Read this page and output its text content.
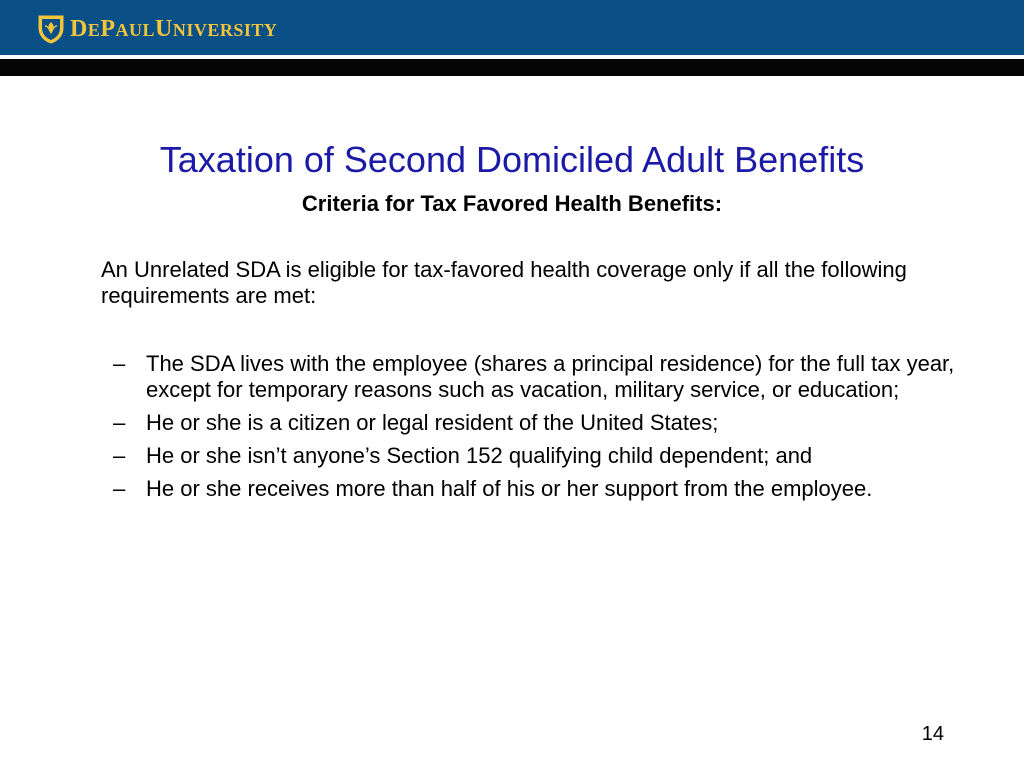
DEPAULUNIVERSITY
Taxation of Second Domiciled Adult Benefits

Criteria for Tax Favored Health Benefits:

An Unrelated SDA is eligible for tax-favored health coverage only if all the following requirements are met:

– The SDA lives with the employee (shares a principal residence) for the full tax year, except for temporary reasons such as vacation, military service, or education;
– He or she is a citizen or legal resident of the United States;
– He or she isn’t anyone’s Section 152 qualifying child dependent; and
– He or she receives more than half of his or her support from the employee.
14
